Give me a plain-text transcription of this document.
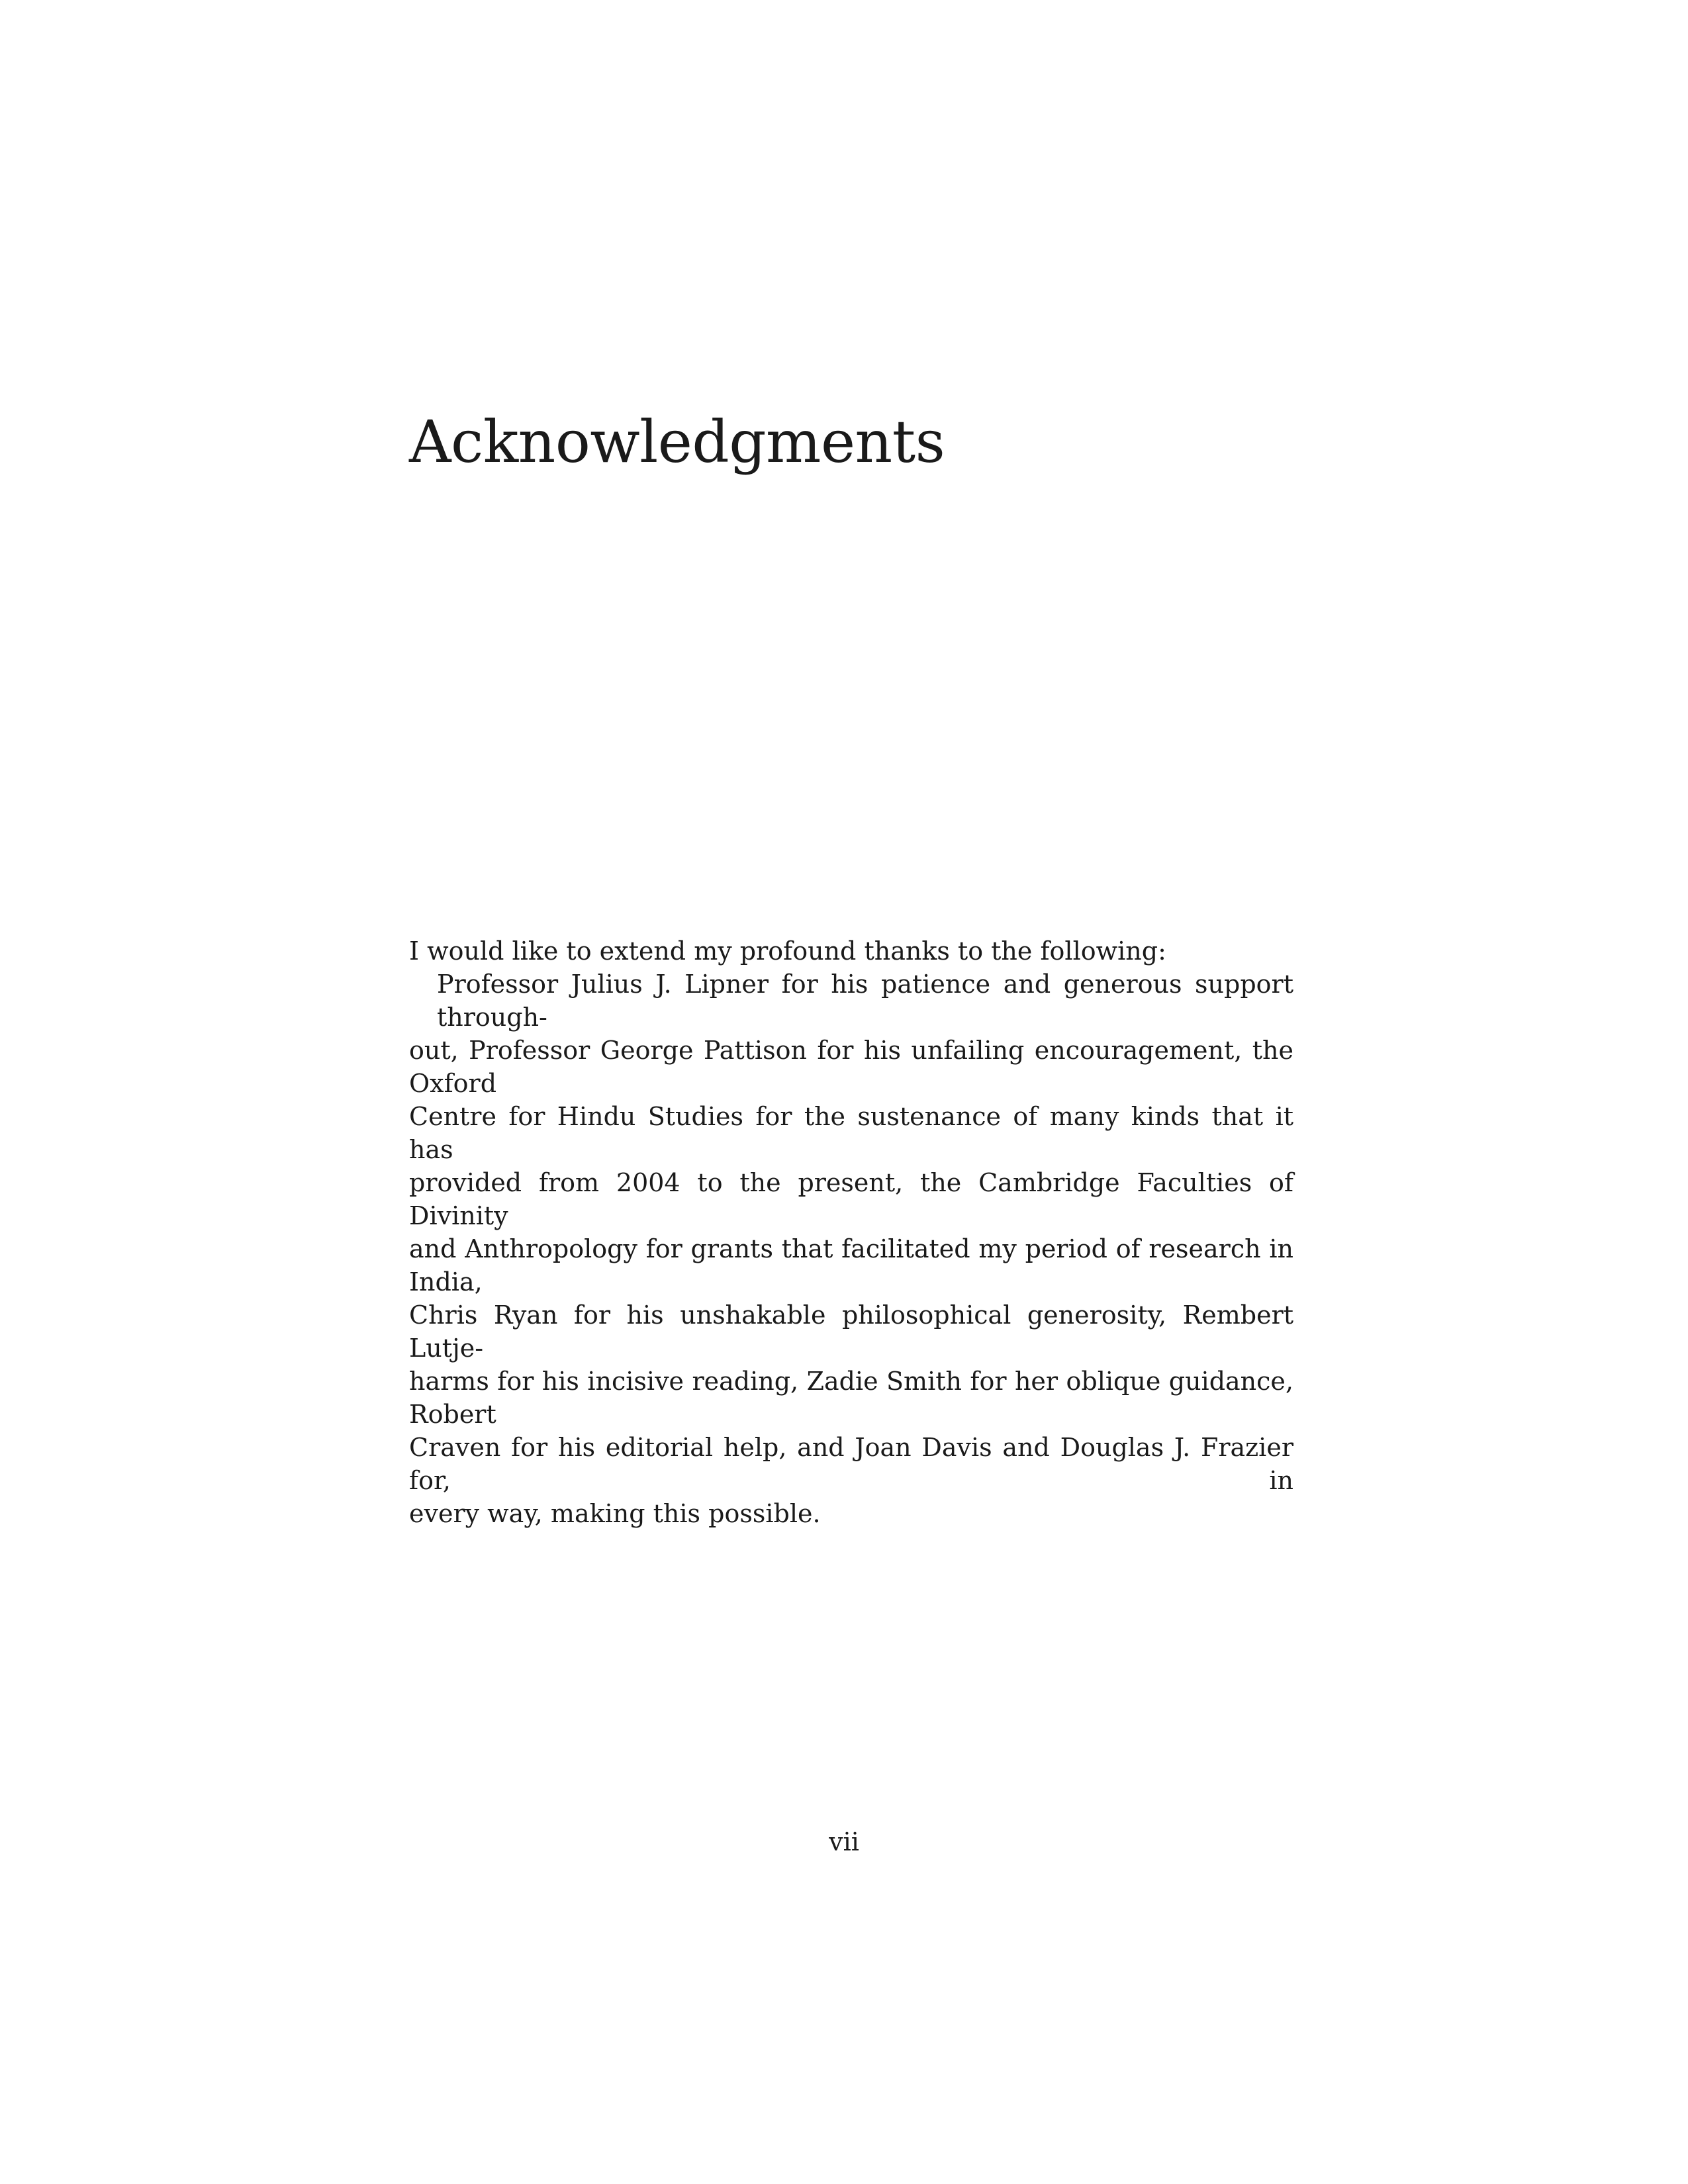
Acknowledgments
I would like to extend my profound thanks to the following:
Professor Julius J. Lipner for his patience and generous support through-
out, Professor George Pattison for his unfailing encouragement, the Oxford
Centre for Hindu Studies for the sustenance of many kinds that it has
provided from 2004 to the present, the Cambridge Faculties of Divinity
and Anthropology for grants that facilitated my period of research in India,
Chris Ryan for his unshakable philosophical generosity, Rembert Lutje-
harms for his incisive reading, Zadie Smith for her oblique guidance, Robert
Craven for his editorial help, and Joan Davis and Douglas J. Frazier for, in
every way, making this possible.
vii
